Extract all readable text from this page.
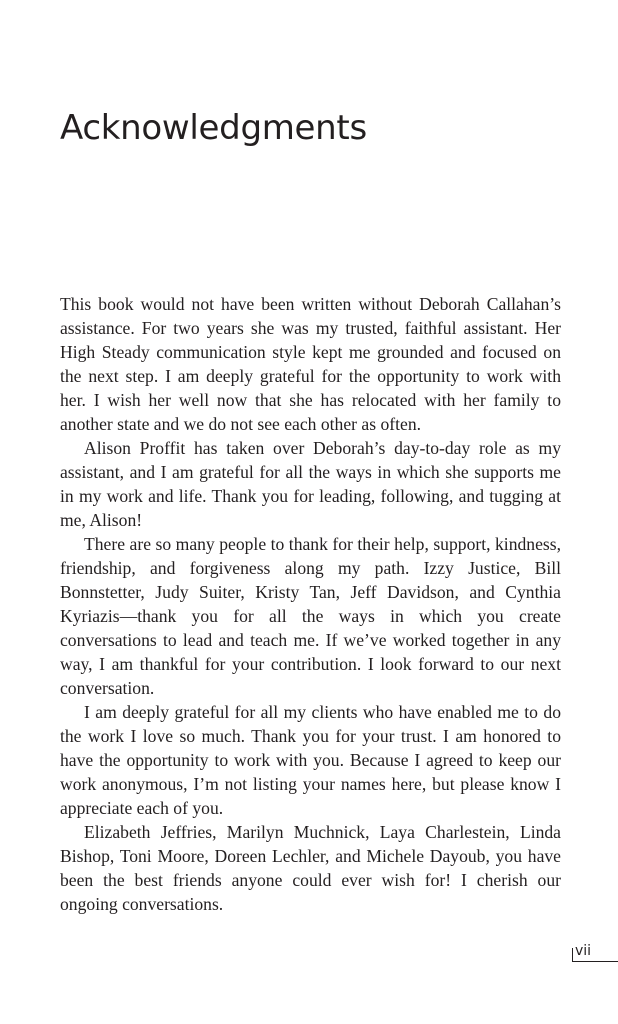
Acknowledgments

This book would not have been written without Deborah Callahan’s assistance. For two years she was my trusted, faithful assistant. Her High Steady communication style kept me grounded and focused on the next step. I am deeply grateful for the opportunity to work with her. I wish her well now that she has relocated with her family to another state and we do not see each other as often.

Alison Proffit has taken over Deborah’s day-to-day role as my assistant, and I am grateful for all the ways in which she supports me in my work and life. Thank you for leading, following, and tugging at me, Alison!

There are so many people to thank for their help, support, kindness, friendship, and forgiveness along my path. Izzy Justice, Bill Bonnstetter, Judy Suiter, Kristy Tan, Jeff Davidson, and Cynthia Kyriazis—thank you for all the ways in which you create conversations to lead and teach me. If we’ve worked together in any way, I am thankful for your contribution. I look forward to our next conversation.

I am deeply grateful for all my clients who have enabled me to do the work I love so much. Thank you for your trust. I am honored to have the opportunity to work with you. Because I agreed to keep our work anonymous, I’m not listing your names here, but please know I appreciate each of you.

Elizabeth Jeffries, Marilyn Muchnick, Laya Charlestein, Linda Bishop, Toni Moore, Doreen Lechler, and Michele Dayoub, you have been the best friends anyone could ever wish for! I cherish our ongoing conversations.

vii
